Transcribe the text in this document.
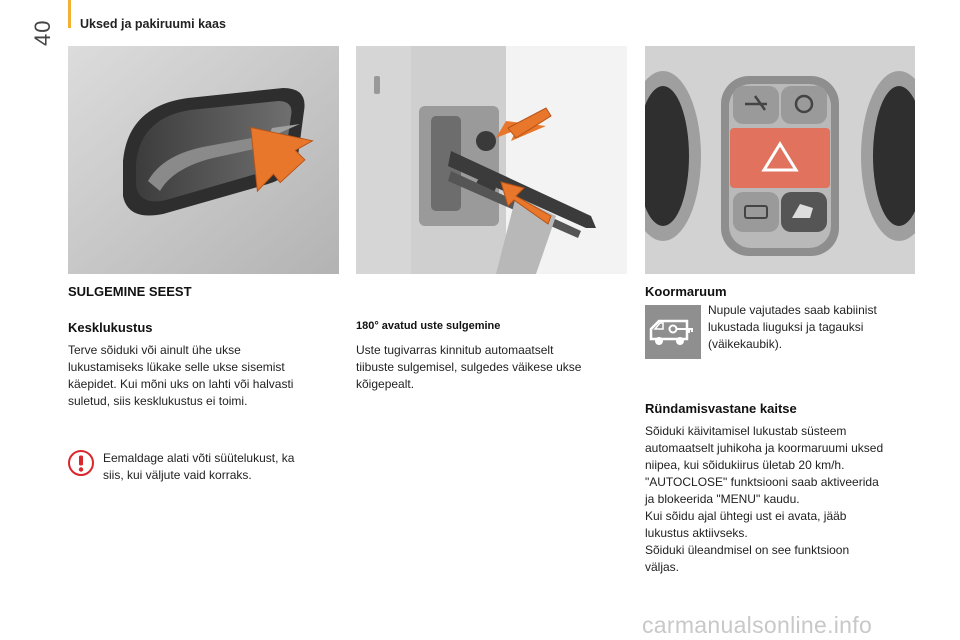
40 Uksed ja pakiruumi kaas
SULGEMINE SEEST
Kesklukustus
Terve sõiduki või ainult ühe ukse
lukustamiseks lükake selle ukse sisemist
käepidet. Kui mõni uks on lahti või halvasti
suletud, siis kesklukustus ei toimi.
Eemaldage alati võti süütelukust, ka
siis, kui väljute vaid korraks.
180° avatud uste sulgemine
Uste tugivarras kinnitub automaatselt
tiibuste sulgemisel, sulgedes väikese ukse
kõigepealt.
Koormaruum
Nupule vajutades saab kabiinist
lukustada liuguksi ja tagauksi
(väikekaubik).
Ründamisvastane kaitse
Sõiduki käivitamisel lukustab süsteem
automaatselt juhikoha ja koormaruumi uksed
niipea, kui sõidukiirus ületab 20 km/h.
"AUTOCLOSE" funktsiooni saab aktiveerida
ja blokeerida "MENU" kaudu.
Kui sõidu ajal ühtegi ust ei avata, jääb
lukustus aktiivseks.
Sõiduki üleandmisel on see funktsioon
väljas.
carmanualsonline.info
